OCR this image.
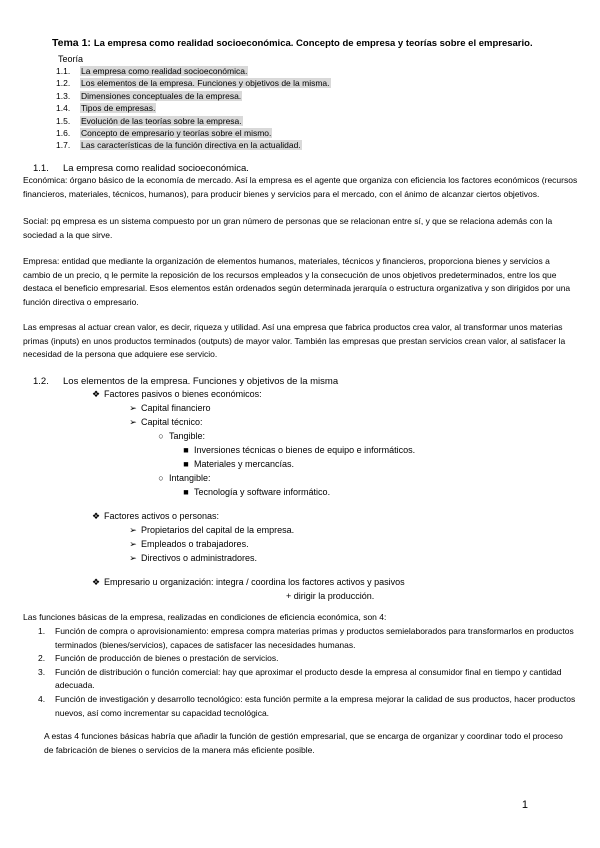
Tema 1: La empresa como realidad socioeconómica. Concepto de empresa y teorías sobre el empresario.
Teoría
1.1. La empresa como realidad socioeconómica.
1.2. Los elementos de la empresa. Funciones y objetivos de la misma.
1.3. Dimensiones conceptuales de la empresa.
1.4. Tipos de empresas.
1.5. Evolución de las teorías sobre la empresa.
1.6. Concepto de empresario y teorías sobre el mismo.
1.7. Las características de la función directiva en la actualidad.
1.1. La empresa como realidad socioeconómica.
Económica: órgano básico de la economía de mercado. Así la empresa es el agente que organiza con eficiencia los factores económicos (recursos financieros, materiales, técnicos, humanos), para producir bienes y servicios para el mercado, con el ánimo de alcanzar ciertos objetivos.
Social: pq empresa es un sistema compuesto por un gran número de personas que se relacionan entre sí, y que se relaciona además con la sociedad a la que sirve.
Empresa: entidad que mediante la organización de elementos humanos, materiales, técnicos y financieros, proporciona bienes y servicios a cambio de un precio, q le permite la reposición de los recursos empleados y la consecución de unos objetivos predeterminados, entre los que destaca el beneficio empresarial. Esos elementos están ordenados según determinada jerarquía o estructura organizativa y son dirigidos por una función directiva o empresario.
Las empresas al actuar crean valor, es decir, riqueza y utilidad. Así una empresa que fabrica productos crea valor, al transformar unos materias primas (inputs) en unos productos terminados (outputs) de mayor valor. También las empresas que prestan servicios crean valor, al satisfacer la necesidad de la persona que adquiere ese servicio.
1.2. Los elementos de la empresa. Funciones y objetivos de la misma
❖ Factores pasivos o bienes económicos:
➢ Capital financiero
➢ Capital técnico:
○ Tangible:
■ Inversiones técnicas o bienes de equipo e informáticos.
■ Materiales y mercancías.
○ Intangible:
■ Tecnología y software informático.
❖ Factores activos o personas:
➢ Propietarios del capital de la empresa.
➢ Empleados o trabajadores.
➢ Directivos o administradores.
❖ Empresario u organización: integra / coordina los factores activos y pasivos
+ dirigir la producción.
Las funciones básicas de la empresa, realizadas en condiciones de eficiencia económica, son 4:
1.	Función de compra o aprovisionamiento: empresa compra materias primas y productos semielaborados para transformarlos en productos terminados (bienes/servicios), capaces de satisfacer las necesidades humanas.
2.	Función de producción de bienes o prestación de servicios.
3.	Función de distribución o función comercial: hay que aproximar el producto desde la empresa al consumidor final en tiempo y cantidad adecuada.
4.	Función de investigación y desarrollo tecnológico: esta función permite a la empresa mejorar la calidad de sus productos, hacer productos nuevos, así como incrementar su capacidad tecnológica.
A estas 4 funciones básicas habría que añadir la función de gestión empresarial, que se encarga de organizar y coordinar todo el proceso de fabricación de bienes o servicios de la manera más eficiente posible.
1
